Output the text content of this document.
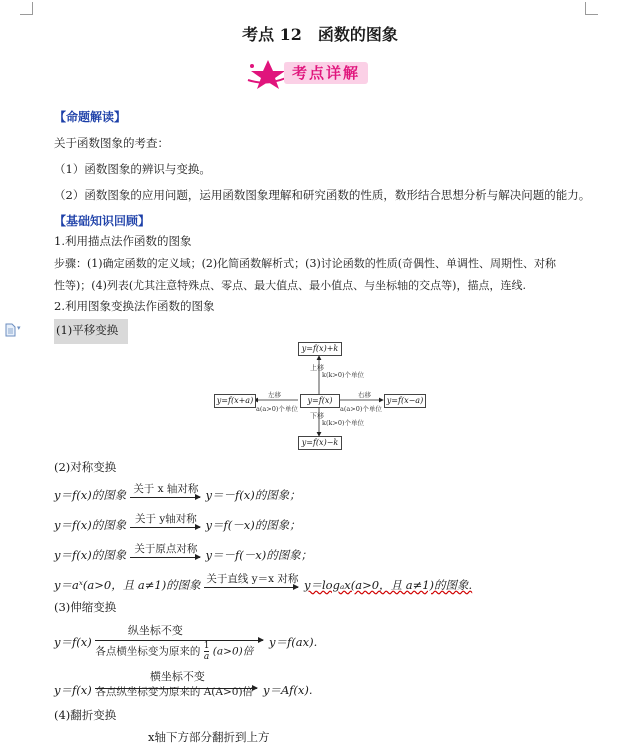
考点 12　函数的图象
考点详解
【命题解读】
关于函数图象的考查：
（1）函数图象的辨识与变换。
（2）函数图象的应用问题，运用函数图象理解和研究函数的性质，数形结合思想分析与解决问题的能力。
【基础知识回顾】
1.利用描点法作函数的图象
步骤：(1)确定函数的定义域；(2)化简函数解析式；(3)讨论函数的性质(奇偶性、单调性、周期性、对称
性等)；(4)列表(尤其注意特殊点、零点、最大值点、最小值点、与坐标轴的交点等)，描点，连线.
2.利用图象变换法作函数的图象
▾	(1)平移变换
y=f(x)+k
y=f(x)
y=f(x+a)	y=f(x−a)
y=f(x)−k
上移
k(k>0)个单位
下移
k(k>0)个单位
左移
a(a>0)个单位
右移
a(a>0)个单位
(2)对称变换
y＝f(x)的图象 关于 x 轴对称 y＝－f(x)的图象；
y＝f(x)的图象 关于 y轴对称 y＝f(－x)的图象；
y＝f(x)的图象 关于原点对称 y＝－f(－x)的图象；
y＝aˣ(a>0，且 a≠1)的图象 关于直线 y＝x 对称 y＝logₐx(a>0，且 a≠1)的图象.
(3)伸缩变换
y＝f(x)
纵坐标不变
各点横坐标变为原来的 $\frac{1}{a} (a>0)$倍
y＝f(ax).
y＝f(x)
横坐标不变
各点纵坐标变为原来的 A(A>0)倍 y＝Af(x).
(4)翻折变换
x轴下方部分翻折到上方
